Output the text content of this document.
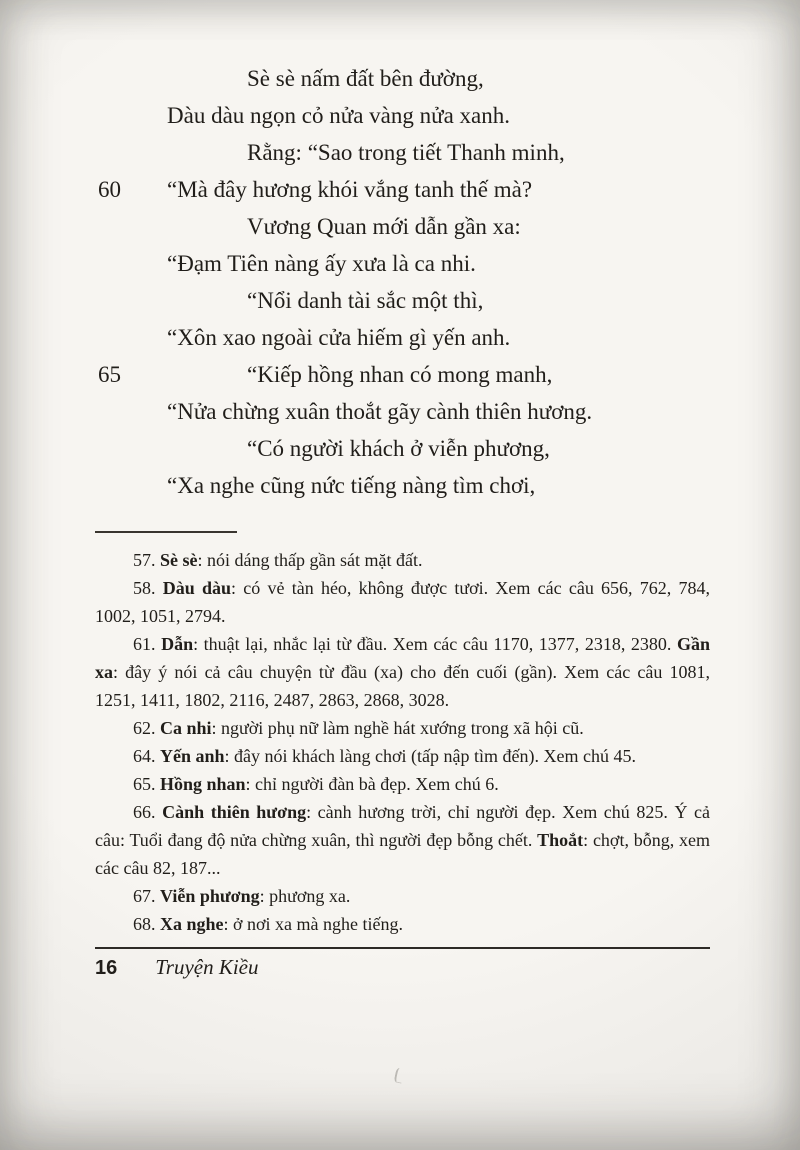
Sè sè nấm đất bên đường,
Dàu dàu ngọn cỏ nửa vàng nửa xanh.
Rằng: “Sao trong tiết Thanh minh,
60 “Mà đây hương khói vắng tanh thế mà?
Vương Quan mới dẫn gần xa:
“Đạm Tiên nàng ấy xưa là ca nhi.
“Nổi danh tài sắc một thì,
“Xôn xao ngoài cửa hiếm gì yến anh.
65	“Kiếp hồng nhan có mong manh,
“Nửa chừng xuân thoắt gãy cành thiên hương.
“Có người khách ở viễn phương,
“Xa nghe cũng nức tiếng nàng tìm chơi,

57. Sè sè: nói dáng thấp gần sát mặt đất.

58. Dàu dàu: có vẻ tàn héo, không được tươi. Xem các câu 656, 762, 784, 1002, 1051, 2794.

61. Dẫn: thuật lại, nhắc lại từ đầu. Xem các câu 1170, 1377, 2318, 2380. Gần xa: đây ý nói cả câu chuyện từ đầu (xa) cho đến cuối (gần). Xem các câu 1081, 1251, 1411, 1802, 2116, 2487, 2863, 2868, 3028.

62. Ca nhi: người phụ nữ làm nghề hát xướng trong xã hội cũ.

64. Yến anh: đây nói khách làng chơi (tấp nập tìm đến). Xem chú 45.

65. Hồng nhan: chỉ người đàn bà đẹp. Xem chú 6.

66. Cành thiên hương: cành hương trời, chỉ người đẹp. Xem chú 825. Ý cả câu: Tuổi đang độ nửa chừng xuân, thì người đẹp bỗng chết. Thoắt: chợt, bỗng, xem các câu 82, 187...

67. Viễn phương: phương xa.

68. Xa nghe: ở nơi xa mà nghe tiếng.

16 Truyện Kiều
